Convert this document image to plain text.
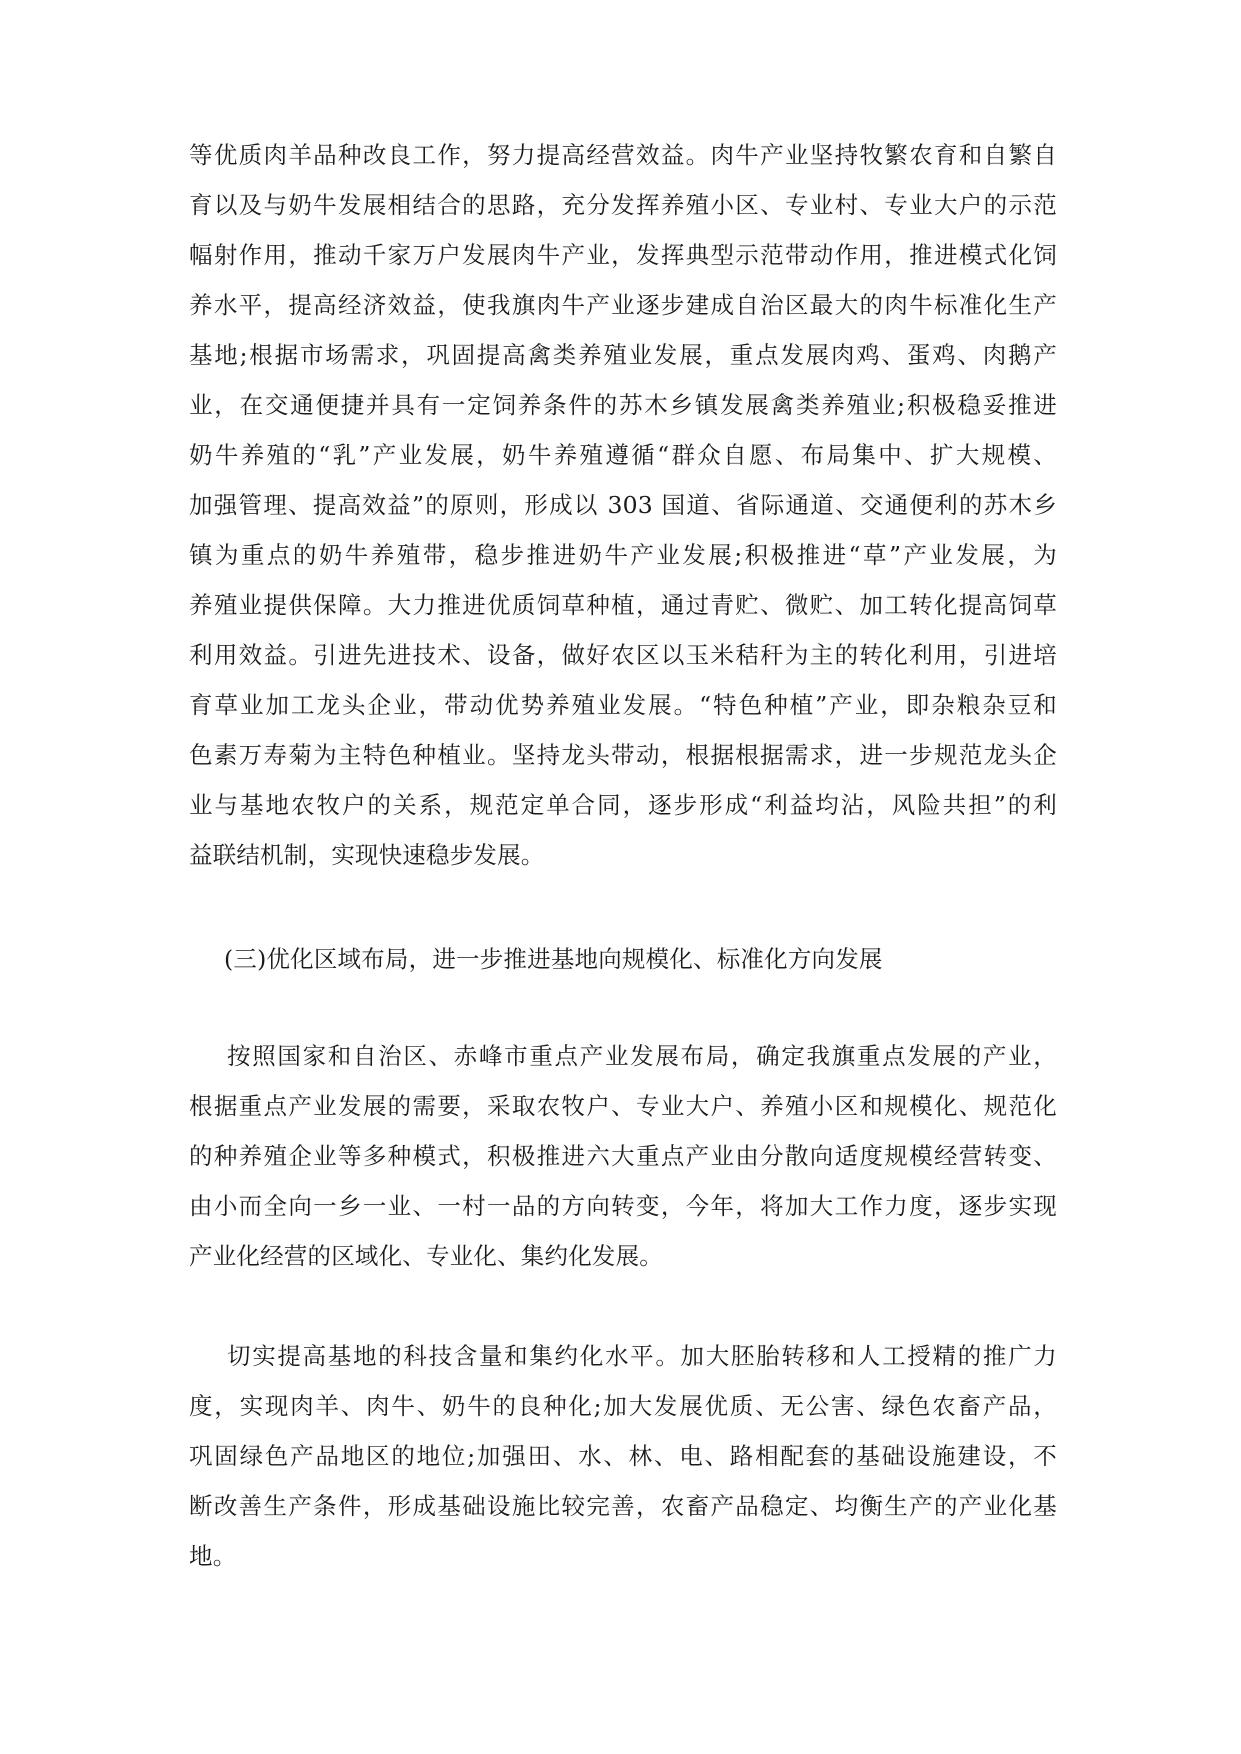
等优质肉羊品种改良工作，努力提高经营效益。肉牛产业坚持牧繁农育和自繁自
育以及与奶牛发展相结合的思路，充分发挥养殖小区、专业村、专业大户的示范
幅射作用，推动千家万户发展肉牛产业，发挥典型示范带动作用，推进模式化饲
养水平，提高经济效益，使我旗肉牛产业逐步建成自治区最大的肉牛标准化生产
基地;根据市场需求，巩固提高禽类养殖业发展，重点发展肉鸡、蛋鸡、肉鹅产
业，在交通便捷并具有一定饲养条件的苏木乡镇发展禽类养殖业;积极稳妥推进
奶牛养殖的“乳”产业发展，奶牛养殖遵循“群众自愿、布局集中、扩大规模、
加强管理、提高效益”的原则，形成以 303 国道、省际通道、交通便利的苏木乡
镇为重点的奶牛养殖带，稳步推进奶牛产业发展;积极推进“草”产业发展，为
养殖业提供保障。大力推进优质饲草种植，通过青贮、微贮、加工转化提高饲草
利用效益。引进先进技术、设备，做好农区以玉米秸秆为主的转化利用，引进培
育草业加工龙头企业，带动优势养殖业发展。“特色种植”产业，即杂粮杂豆和
色素万寿菊为主特色种植业。坚持龙头带动，根据根据需求，进一步规范龙头企
业与基地农牧户的关系，规范定单合同，逐步形成“利益均沾，风险共担”的利
益联结机制，实现快速稳步发展。
(三)优化区域布局，进一步推进基地向规模化、标准化方向发展
按照国家和自治区、赤峰市重点产业发展布局，确定我旗重点发展的产业，
根据重点产业发展的需要，采取农牧户、专业大户、养殖小区和规模化、规范化
的种养殖企业等多种模式，积极推进六大重点产业由分散向适度规模经营转变、
由小而全向一乡一业、一村一品的方向转变，今年，将加大工作力度，逐步实现
产业化经营的区域化、专业化、集约化发展。
切实提高基地的科技含量和集约化水平。加大胚胎转移和人工授精的推广力
度，实现肉羊、肉牛、奶牛的良种化;加大发展优质、无公害、绿色农畜产品，
巩固绿色产品地区的地位;加强田、水、林、电、路相配套的基础设施建设，不
断改善生产条件，形成基础设施比较完善，农畜产品稳定、均衡生产的产业化基
地。
